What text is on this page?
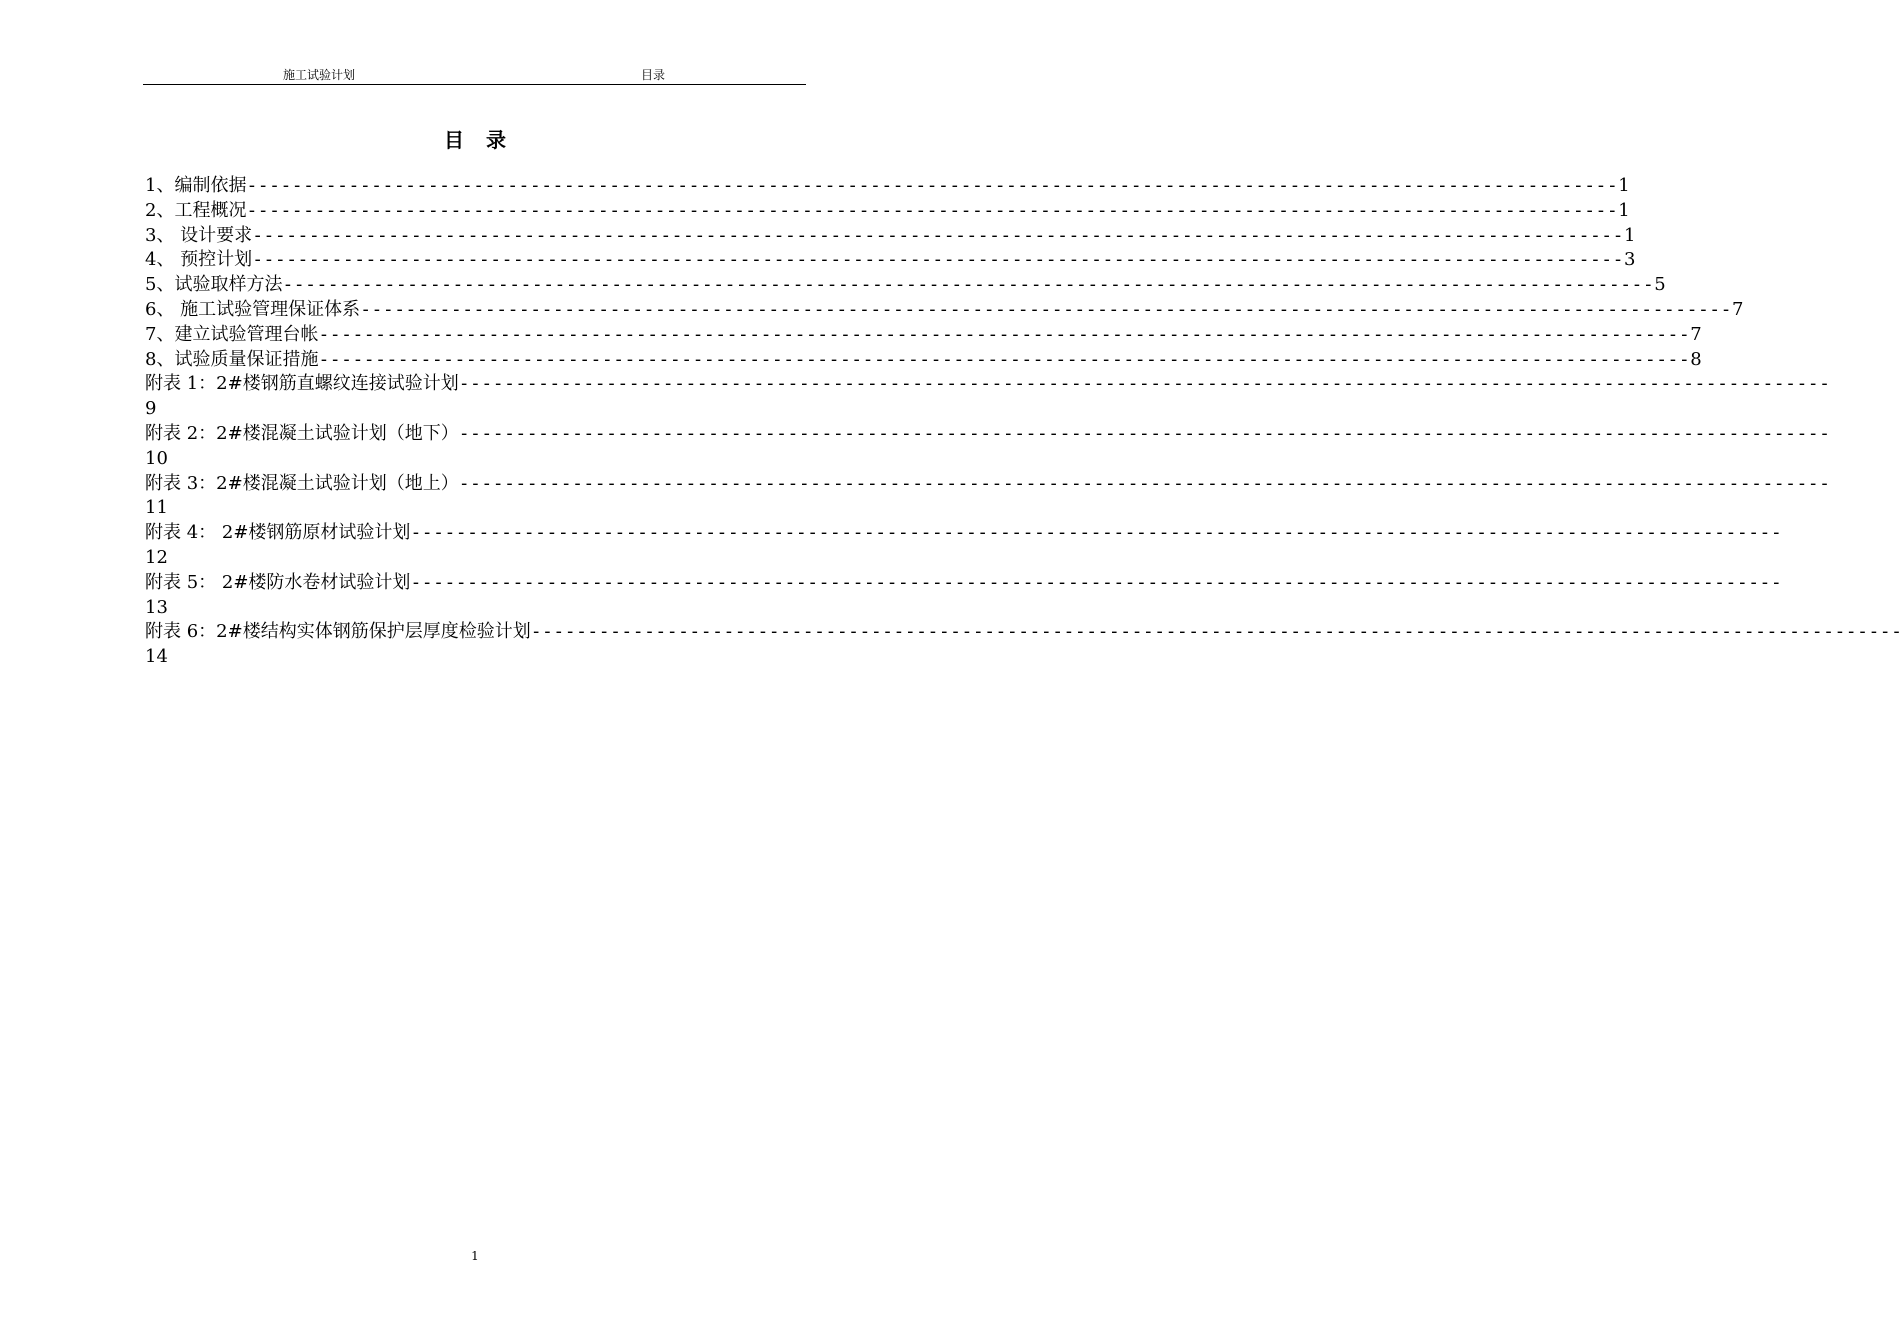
施工试验计划	目录
目录
1、编制依据 ------------------------------------------------------------------------------------------------------------------------- 1
2、工程概况 ------------------------------------------------------------------------------------------------------------------------- 1
3、 设计要求 ------------------------------------------------------------------------------------------------------------------------- 1
4、 预控计划 ------------------------------------------------------------------------------------------------------------------------- 3
5、试验取样方法 ------------------------------------------------------------------------------------------------------------------------- 5
6、 施工试验管理保证体系 ------------------------------------------------------------------------------------------------------------------------- 7
7、建立试验管理台帐 ------------------------------------------------------------------------------------------------------------------------- 7
8、试验质量保证措施 ------------------------------------------------------------------------------------------------------------------------- 8
附表 1：2#楼钢筋直螺纹连接试验计划 -------------------------------------------------------------------------------------------------------------------------
9
附表 2：2#楼混凝土试验计划（地下） -------------------------------------------------------------------------------------------------------------------------
10
附表 3：2#楼混凝土试验计划（地上） -------------------------------------------------------------------------------------------------------------------------
11
附表 4： 2#楼钢筋原材试验计划 -------------------------------------------------------------------------------------------------------------------------
12
附表 5： 2#楼防水卷材试验计划 -------------------------------------------------------------------------------------------------------------------------
13
附表 6：2#楼结构实体钢筋保护层厚度检验计划 -------------------------------------------------------------------------------------------------------------------------
14
1
